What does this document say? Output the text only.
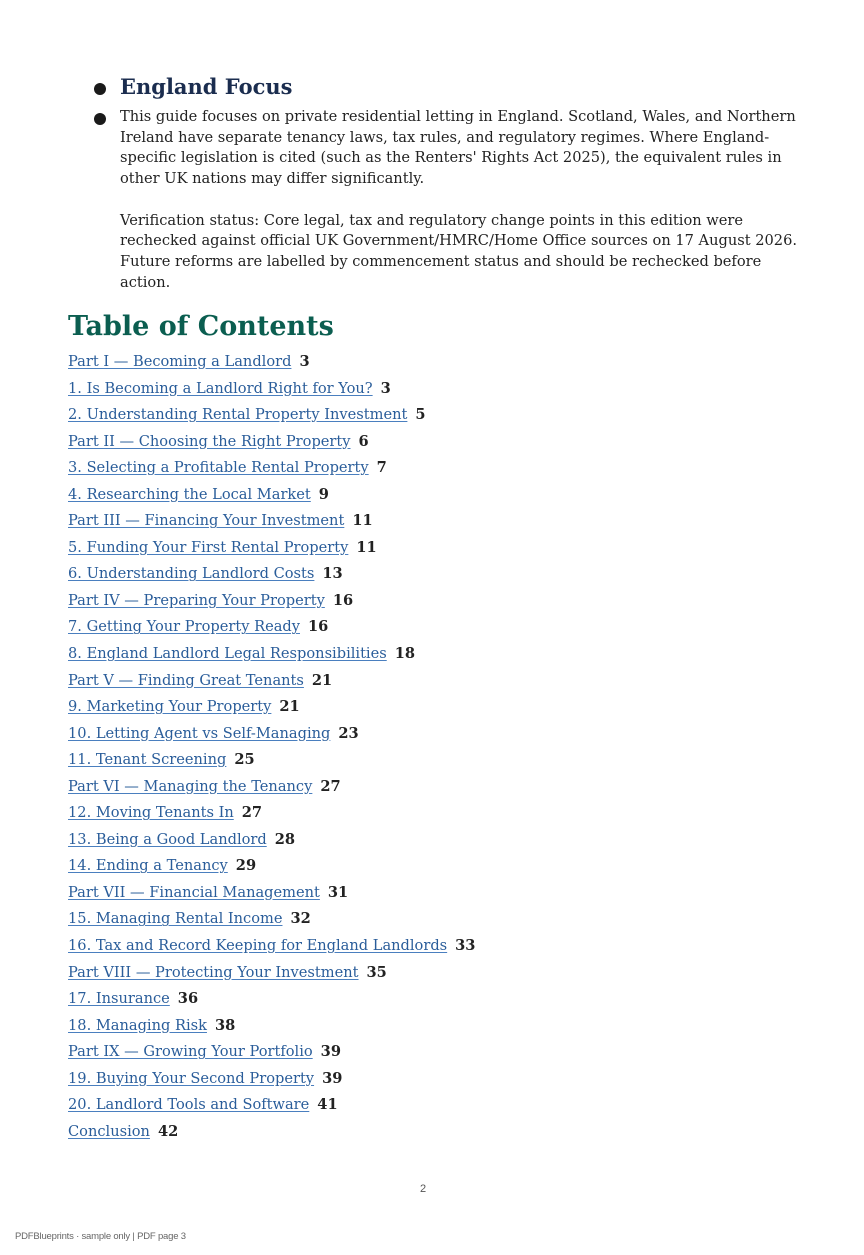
England Focus

This guide focuses on private residential letting in England. Scotland, Wales, and Northern Ireland have separate tenancy laws, tax rules, and regulatory regimes. Where England-specific legislation is cited (such as the Renters' Rights Act 2025), the equivalent rules in other UK nations may differ significantly.

Verification status: Core legal, tax and regulatory change points in this edition were rechecked against official UK Government/HMRC/Home Office sources on 17 August 2026. Future reforms are labelled by commencement status and should be rechecked before action.

Table of Contents
Part I — Becoming a Landlord 3
1. Is Becoming a Landlord Right for You? 3
2. Understanding Rental Property Investment 5
Part II — Choosing the Right Property 6
3. Selecting a Profitable Rental Property 7
4. Researching the Local Market 9
Part III — Financing Your Investment 11
5. Funding Your First Rental Property 11
6. Understanding Landlord Costs 13
Part IV — Preparing Your Property 16
7. Getting Your Property Ready 16
8. England Landlord Legal Responsibilities 18
Part V — Finding Great Tenants 21
9. Marketing Your Property 21
10. Letting Agent vs Self-Managing 23
11. Tenant Screening 25
Part VI — Managing the Tenancy 27
12. Moving Tenants In 27
13. Being a Good Landlord 28
14. Ending a Tenancy 29
Part VII — Financial Management 31
15. Managing Rental Income 32
16. Tax and Record Keeping for England Landlords 33
Part VIII — Protecting Your Investment 35
17. Insurance 36
18. Managing Risk 38
Part IX — Growing Your Portfolio 39
19. Buying Your Second Property 39
20. Landlord Tools and Software 41
Conclusion 42
2
PDFBlueprints · sample only | PDF page 3
